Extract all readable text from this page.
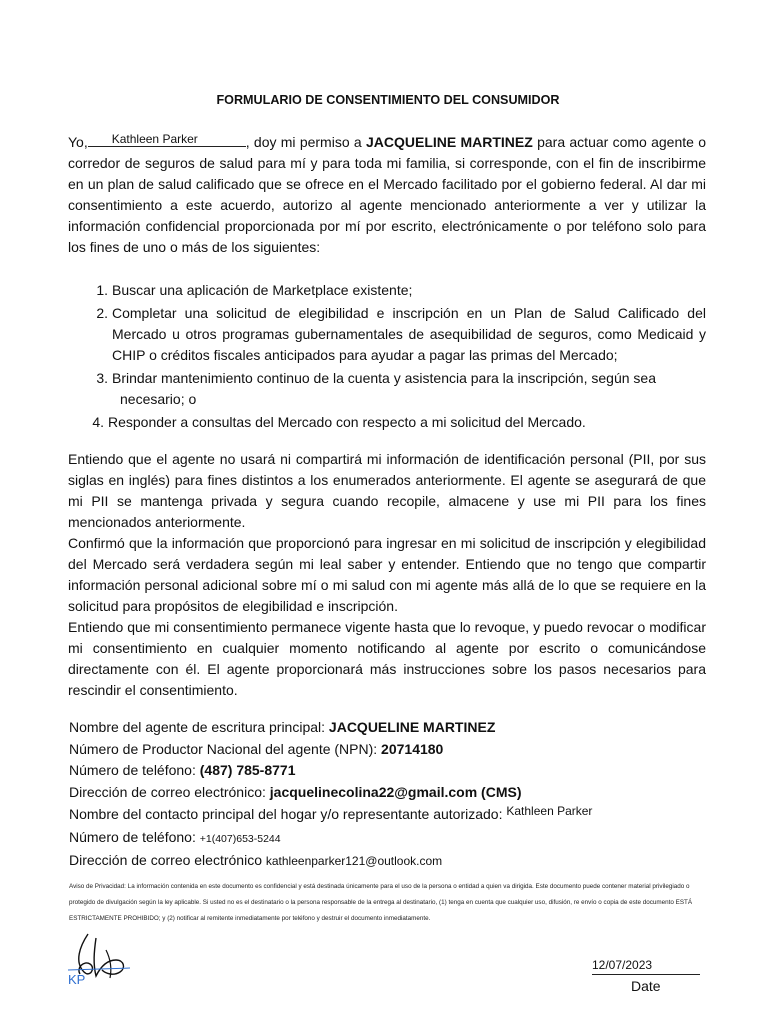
FORMULARIO DE CONSENTIMIENTO DEL CONSUMIDOR

Yo, Kathleen Parker	, doy mi permiso a JACQUELINE MARTINEZ para actuar como agente o corredor de seguros de salud para mí y para toda mi familia, si corresponde, con el fin de inscribirme en un plan de salud calificado que se ofrece en el Mercado facilitado por el gobierno federal. Al dar mi consentimiento a este acuerdo, autorizo al agente mencionado anteriormente a ver y utilizar la información confidencial proporcionada por mí por escrito, electrónicamente o por teléfono solo para los fines de uno o más de los siguientes:

1. Buscar una aplicación de Marketplace existente;
2. Completar una solicitud de elegibilidad e inscripción en un Plan de Salud Calificado del Mercado u otros programas gubernamentales de asequibilidad de seguros, como Medicaid y CHIP o créditos fiscales anticipados para ayudar a pagar las primas del Mercado;
3. Brindar mantenimiento continuo de la cuenta y asistencia para la inscripción, según sea
necesario; o
4. Responder a consultas del Mercado con respecto a mi solicitud del Mercado.

Entiendo que el agente no usará ni compartirá mi información de identificación personal (PII, por sus siglas en inglés) para fines distintos a los enumerados anteriormente. El agente se asegurará de que mi PII se mantenga privada y segura cuando recopile, almacene y use mi PII para los fines mencionados anteriormente.

Confirmó que la información que proporcionó para ingresar en mi solicitud de inscripción y elegibilidad del Mercado será verdadera según mi leal saber y entender. Entiendo que no tengo que compartir información personal adicional sobre mí o mi salud con mi agente más allá de lo que se requiere en la solicitud para propósitos de elegibilidad e inscripción.

Entiendo que mi consentimiento permanece vigente hasta que lo revoque, y puedo revocar o modificar mi consentimiento en cualquier momento notificando al agente por escrito o comunicándose directamente con él. El agente proporcionará más instrucciones sobre los pasos necesarios para rescindir el consentimiento.

Nombre del agente de escritura principal: JACQUELINE MARTINEZ
Número de Productor Nacional del agente (NPN): 20714180
Número de teléfono: (487) 785-8771
Dirección de correo electrónico: jacquelinecolina22@gmail.com (CMS)
Nombre del contacto principal del hogar y/o representante autorizado: Kathleen Parker
Número de teléfono: +1(407)653-5244
Dirección de correo electrónico kathleenparker121@outlook.com
Aviso de Privacidad: La información contenida en este documento es confidencial y está destinada únicamente para el uso de la persona o entidad a quien va dirigida. Este documento puede contener material privilegiado o protegido de divulgación según la ley aplicable. Si usted no es el destinatario o la persona responsable de la entrega al destinatario, (1) tenga en cuenta que cualquier uso, difusión, re envío o copia de este documento ESTÁ ESTRICTAMENTE PROHIBIDO; y (2) notificar al remitente inmediatamente por teléfono y destruir el documento inmediatamente.
KP
12/07/2023
Date
